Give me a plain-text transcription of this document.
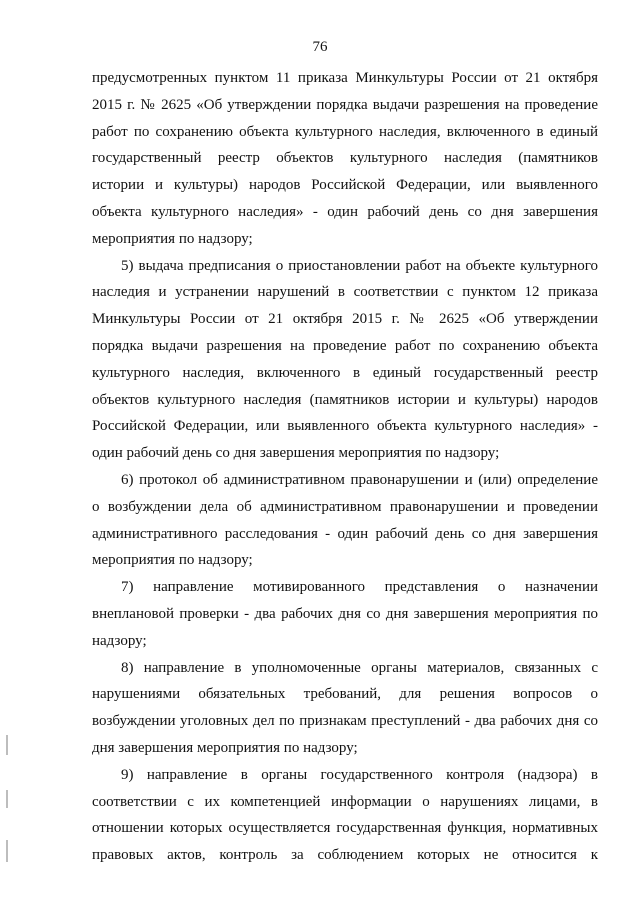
76

предусмотренных пунктом 11 приказа Минкультуры России от 21 октября
2015 г. № 2625 «Об утверждении порядка выдачи разрешения на проведение
работ по сохранению объекта культурного наследия, включенного в единый
государственный реестр объектов культурного наследия (памятников
истории и культуры) народов Российской Федерации, или выявленного
объекта культурного наследия» - один рабочий день со дня завершения
мероприятия по надзору;

5) выдача предписания о приостановлении работ на объекте культурного
наследия и устранении нарушений в соответствии с пунктом 12 приказа
Минкультуры России от 21 октября 2015 г. № 2625 «Об утверждении
порядка выдачи разрешения на проведение работ по сохранению объекта
культурного наследия, включенного в единый государственный реестр
объектов культурного наследия (памятников истории и культуры) народов
Российской Федерации, или выявленного объекта культурного наследия» -
один рабочий день со дня завершения мероприятия по надзору;

6) протокол об административном правонарушении и (или) определение
о возбуждении дела об административном правонарушении и проведении
административного расследования - один рабочий день со дня завершения
мероприятия по надзору;

7) направление мотивированного представления о назначении
внеплановой проверки - два рабочих дня со дня завершения мероприятия по
надзору;

8) направление в уполномоченные органы материалов, связанных с
нарушениями обязательных требований, для решения вопросов о
возбуждении уголовных дел по признакам преступлений - два рабочих дня со
дня завершения мероприятия по надзору;

9) направление в органы государственного контроля (надзора) в
соответствии с их компетенцией информации о нарушениях лицами, в
отношении которых осуществляется государственная функция, нормативных
правовых актов, контроль за соблюдением которых не относится к
